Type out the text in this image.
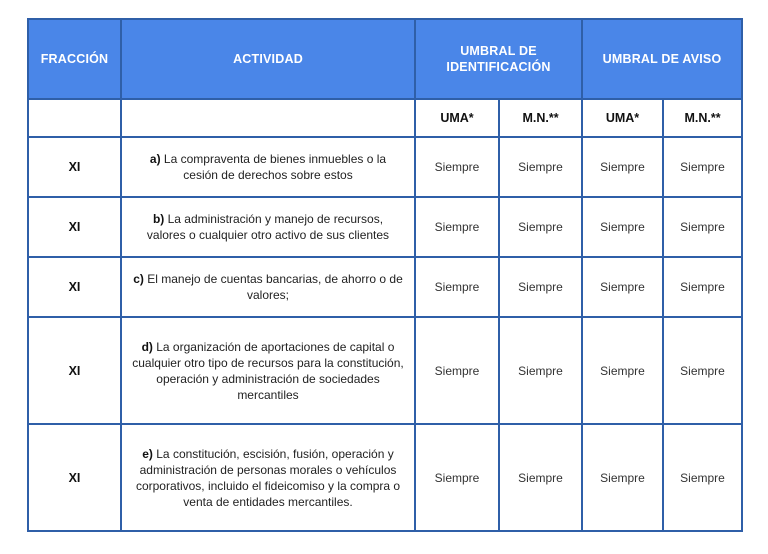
FRACCIÓN	ACTIVIDAD	UMBRAL DE IDENTIFICACIÓN		UMBRAL DE AVISO	
		UMA*	M.N.**	UMA*	M.N.**
XI	a) La compraventa de bienes inmuebles o la cesión de derechos sobre estos	Siempre	Siempre	Siempre	Siempre
XI	b) La administración y manejo de recursos, valores o cualquier otro activo de sus clientes	Siempre	Siempre	Siempre	Siempre
XI	c) El manejo de cuentas bancarias, de ahorro o de valores;	Siempre	Siempre	Siempre	Siempre
XI	d) La organización de aportaciones de capital o cualquier otro tipo de recursos para la constitución, operación y administración de sociedades mercantiles	Siempre	Siempre	Siempre	Siempre
XI	e) La constitución, escisión, fusión, operación y administración de personas morales o vehículos corporativos, incluido el fideicomiso y la compra o venta de entidades mercantiles.	Siempre	Siempre	Siempre	Siempre
